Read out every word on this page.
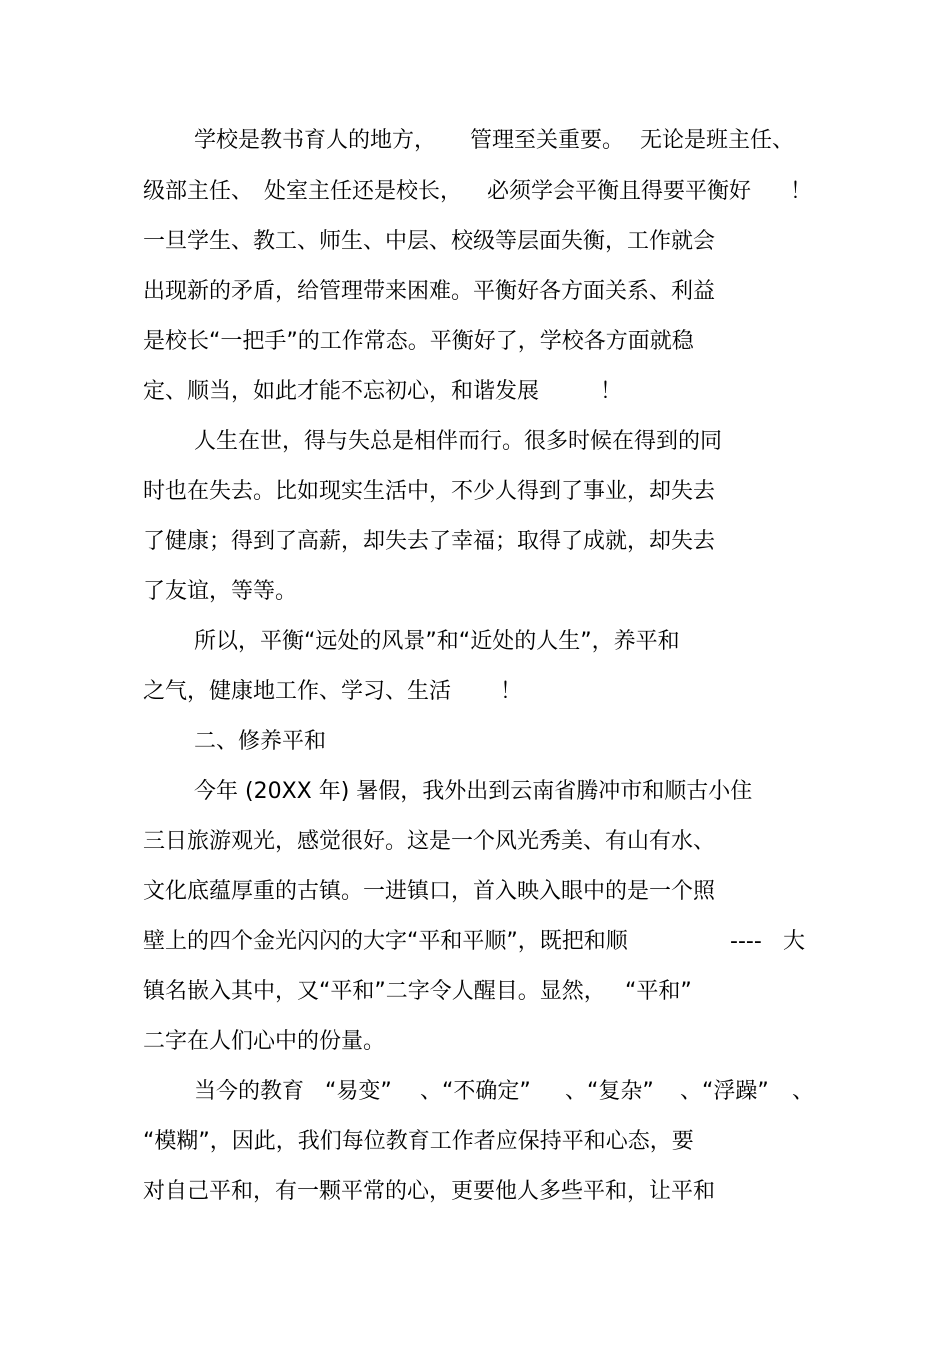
学校是教书育人的地方，

管理至关重要。

无论是班主任、

级部主任、

处室主任还是校长，

必须学会平衡且得要平衡好

！

一旦学生、教工、师生、中层、校级等层面失衡，工作就会

出现新的矛盾，给管理带来困难。平衡好各方面关系、利益

是校长“一把手”的工作常态。平衡好了，学校各方面就稳

定、顺当，如此才能不忘初心，和谐发展

	！

人生在世，得与失总是相伴而行。很多时候在得到的同

时也在失去。比如现实生活中，不少人得到了事业，却失去

了健康；得到了高薪，却失去了幸福；取得了成就，却失去

了友谊，等等。

所以，平衡“远处的风景”和“近处的人生”，养平和

之气，健康地工作、学习、生活

！

二、修养平和

今年 (20XX 年) 暑假，我外出到云南省腾冲市和顺古小住

三日旅游观光，感觉很好。这是一个风光秀美、有山有水、

文化底蕴厚重的古镇。一进镇口，首入映入眼中的是一个照

壁上的四个金光闪闪的大字“平和平顺”，既把和顺

	----

大

镇名嵌入其中，又“平和”二字令人醒目。显然，

“平和”

二字在人们心中的份量。

当今的教育

“易变”

、“不确定”

、“复杂”

、“浮躁”

、

“模糊”，因此，我们每位教育工作者应保持平和心态，要

对自己平和，有一颗平常的心，更要他人多些平和，让平和
